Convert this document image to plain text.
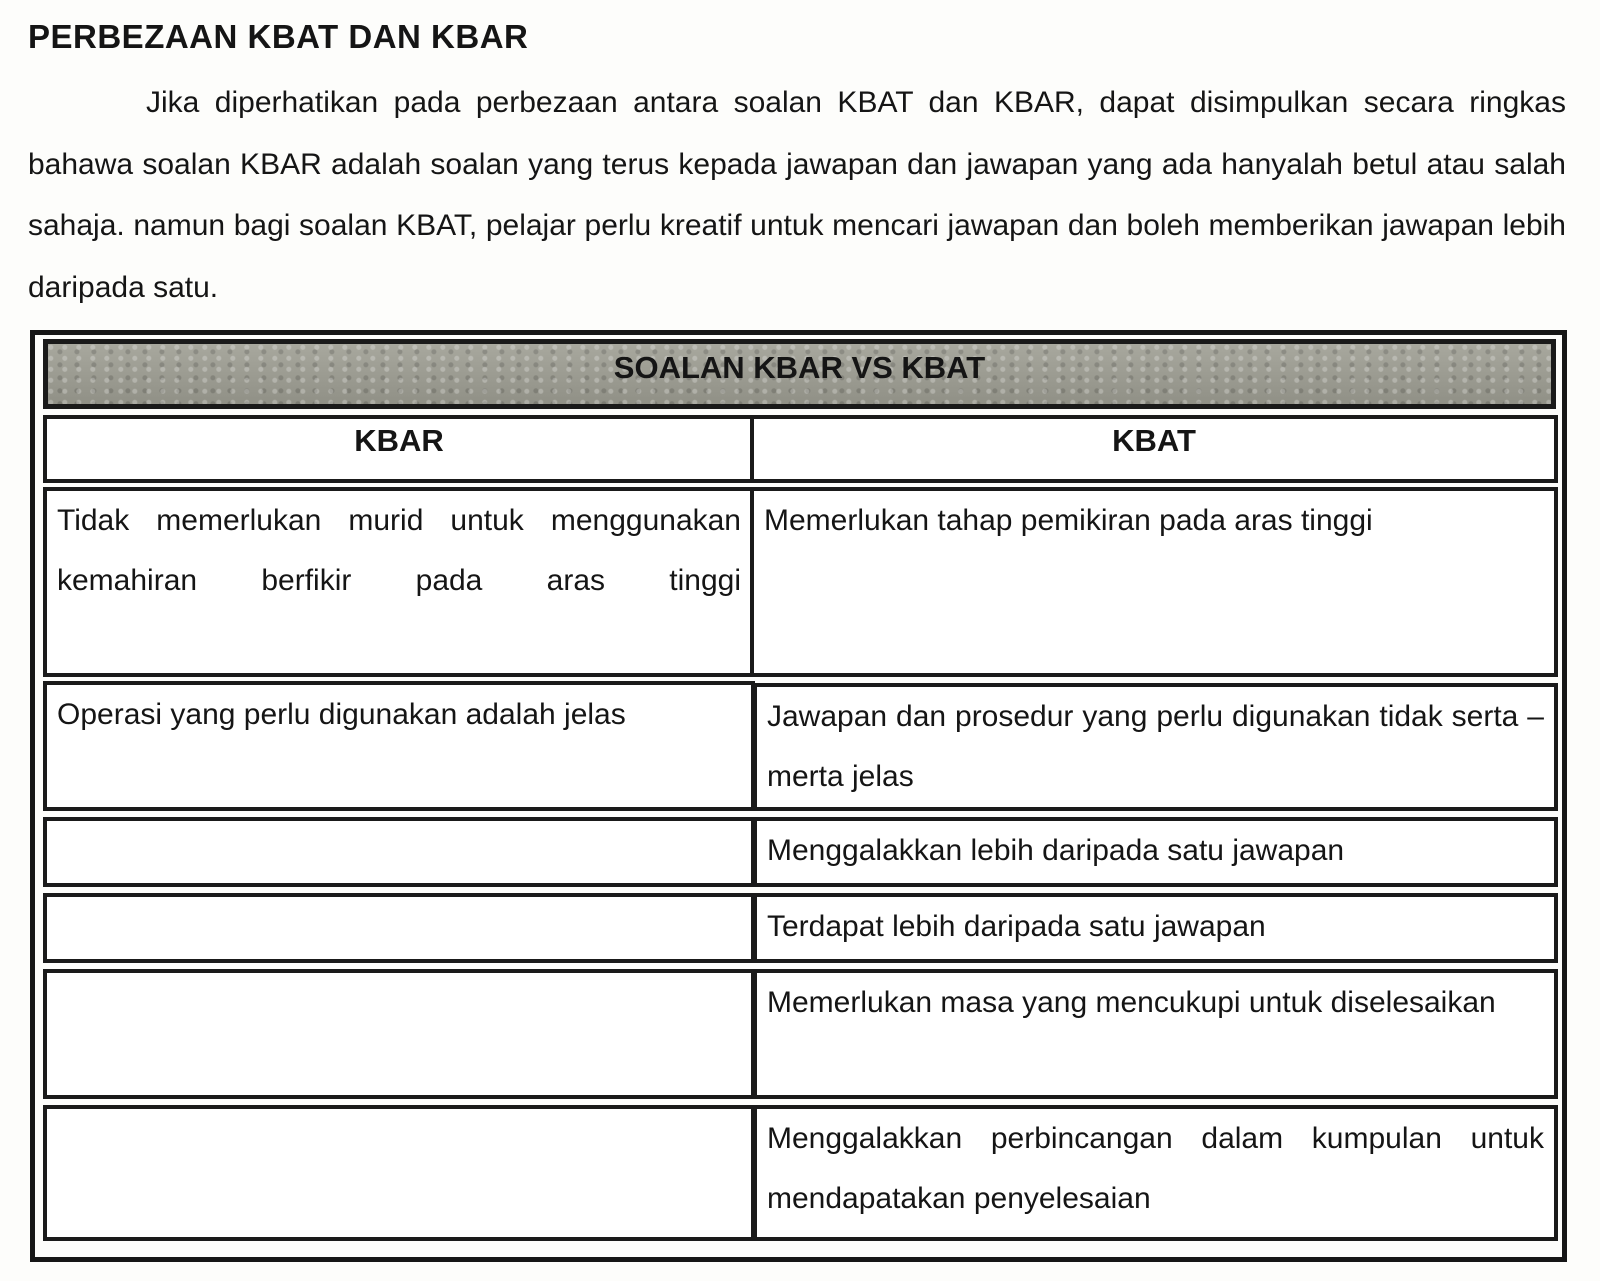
PERBEZAAN KBAT DAN KBAR
Jika diperhatikan pada perbezaan antara soalan KBAT dan KBAR, dapat disimpulkan secara ringkas bahawa soalan KBAR adalah soalan yang terus kepada jawapan dan jawapan yang ada hanyalah betul atau salah sahaja. namun bagi soalan KBAT, pelajar perlu kreatif untuk mencari jawapan dan boleh memberikan jawapan lebih daripada satu.
SOALAN KBAR VS KBAT
KBAR	KBAT
Tidak memerlukan murid untuk menggunakan kemahiran berfikir pada aras tinggi
Memerlukan tahap pemikiran pada aras tinggi
Operasi yang perlu digunakan adalah jelas	Jawapan dan prosedur yang perlu digunakan tidak serta –merta jelas
Menggalakkan lebih daripada satu jawapan
Terdapat lebih daripada satu jawapan
Memerlukan masa yang mencukupi untuk diselesaikan
Menggalakkan perbincangan dalam kumpulan untuk mendapatakan penyelesaian
